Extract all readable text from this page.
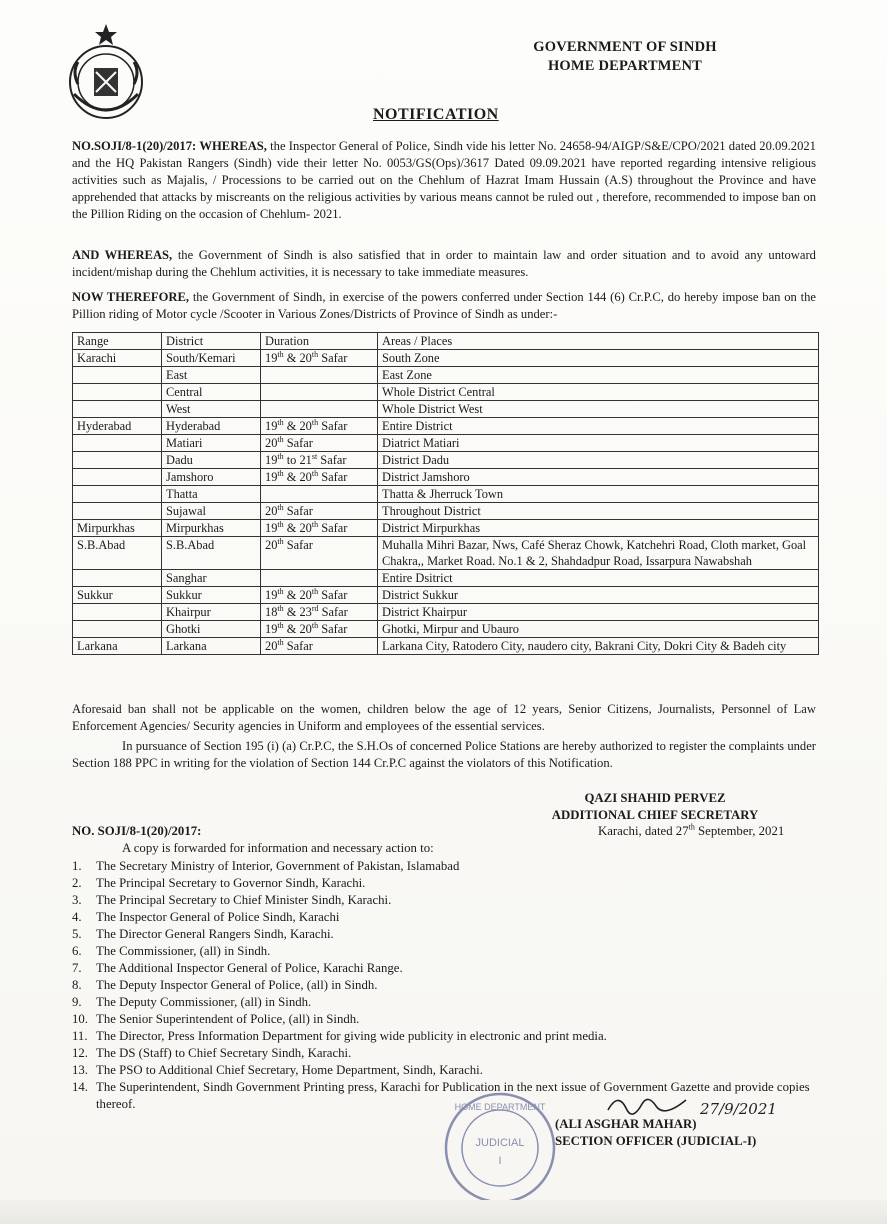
GOVERNMENT OF SINDH
HOME DEPARTMENT
NOTIFICATION
NO.SOJI/8-1(20)/2017: WHEREAS, the Inspector General of Police, Sindh vide his letter No. 24658-94/AIGP/S&E/CPO/2021 dated 20.09.2021 and the HQ Pakistan Rangers (Sindh) vide their letter No. 0053/GS(Ops)/3617 Dated 09.09.2021 have reported regarding intensive religious activities such as Majalis, / Processions to be carried out on the Chehlum of Hazrat Imam Hussain (A.S) throughout the Province and have apprehended that attacks by miscreants on the religious activities by various means cannot be ruled out , therefore, recommended to impose ban on the Pillion Riding on the occasion of Chehlum- 2021.
AND WHEREAS, the Government of Sindh is also satisfied that in order to maintain law and order situation and to avoid any untoward incident/mishap during the Chehlum activities, it is necessary to take immediate measures.
NOW THEREFORE, the Government of Sindh, in exercise of the powers conferred under Section 144 (6) Cr.P.C, do hereby impose ban on the Pillion riding of Motor cycle /Scooter in Various Zones/Districts of Province of Sindh as under:-
Range	District	Duration	Areas / Places
Karachi	South/Kemari	19th & 20th Safar	South Zone
	East		East Zone
	Central		Whole District Central
	West		Whole District West
Hyderabad	Hyderabad	19th & 20th Safar	Entire District
	Matiari	20th Safar	Diatrict Matiari
	Dadu	19th to 21st Safar	District Dadu
	Jamshoro	19th & 20th Safar	District Jamshoro
	Thatta		Thatta & Jherruck Town
	Sujawal	20th Safar	Throughout District
Mirpurkhas	Mirpurkhas	19th & 20th Safar	District Mirpurkhas
S.B.Abad	S.B.Abad	20th Safar	Muhalla Mihri Bazar, Nws, Café Sheraz Chowk, Katchehri Road, Cloth market, Goal Chakra,, Market Road. No.1 & 2, Shahdadpur Road, Issarpura Nawabshah
	Sanghar		Entire Dsitrict
Sukkur	Sukkur	19th & 20th Safar	District Sukkur
	Khairpur	18th & 23rd Safar	District Khairpur
	Ghotki	19th & 20th Safar	Ghotki, Mirpur and Ubauro
Larkana	Larkana	20th Safar	Larkana City, Ratodero City, naudero city, Bakrani City, Dokri City & Badeh city
Aforesaid ban shall not be applicable on the women, children below the age of 12 years, Senior Citizens, Journalists, Personnel of Law Enforcement Agencies/ Security agencies in Uniform and employees of the essential services.
In pursuance of Section 195 (i) (a) Cr.P.C, the S.H.Os of concerned Police Stations are hereby authorized to register the complaints under Section 188 PPC in writing for the violation of Section 144 Cr.P.C against the violators of this Notification.
QAZI SHAHID PERVEZ
ADDITIONAL CHIEF SECRETARY
Karachi, dated 27th September, 2021
NO. SOJI/8-1(20)/2017:
A copy is forwarded for information and necessary action to:
1.	The Secretary Ministry of Interior, Government of Pakistan, Islamabad
2.	The Principal Secretary to Governor Sindh, Karachi.
3.	The Principal Secretary to Chief Minister Sindh, Karachi.
4.	The Inspector General of Police Sindh, Karachi
5.	The Director General Rangers Sindh, Karachi.
6.	The Commissioner, (all) in Sindh.
7.	The Additional Inspector General of Police, Karachi Range.
8.	The Deputy Inspector General of Police, (all) in Sindh.
9.	The Deputy Commissioner, (all) in Sindh.
10. The Senior Superintendent of Police, (all) in Sindh.
11. The Director, Press Information Department for giving wide publicity in electronic and print media.
12. The DS (Staff) to Chief Secretary Sindh, Karachi.
13. The PSO to Additional Chief Secretary, Home Department, Sindh, Karachi.
14. The Superintendent, Sindh Government Printing press, Karachi for Publication in the next issue of Government Gazette and provide copies thereof.
JUDICIAL
I
HOME DEPARTMENT	27/9/2021
(ALI ASGHAR MAHAR)
SECTION OFFICER (JUDICIAL-I)
